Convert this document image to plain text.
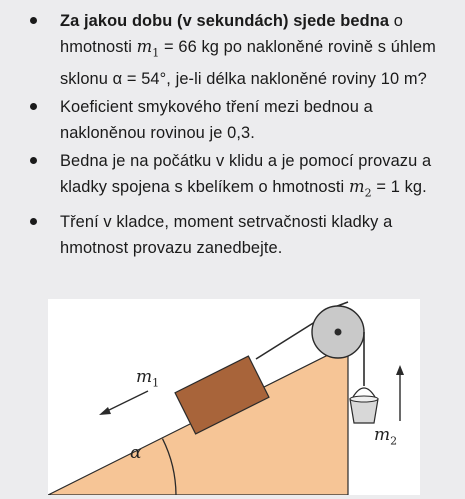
Za jakou dobu (v sekundách) sjede bedna o hmotnosti $m_1 = 66$ kg po nakloněné rovině s úhlem sklonu α = 54°, je-li délka nakloněné roviny 10 m?
Koeficient smykového tření mezi bednou a nakloněnou rovinou je 0,3.
Bedna je na počátku v klidu a je pomocí provazu a kladky spojena s kbelíkem o hmotnosti $m_2 = 1$ kg.
Tření v kladce, moment setrvačnosti kladky a hmotnost provazu zanedbejte.
$m_1$
$m_2$
α
